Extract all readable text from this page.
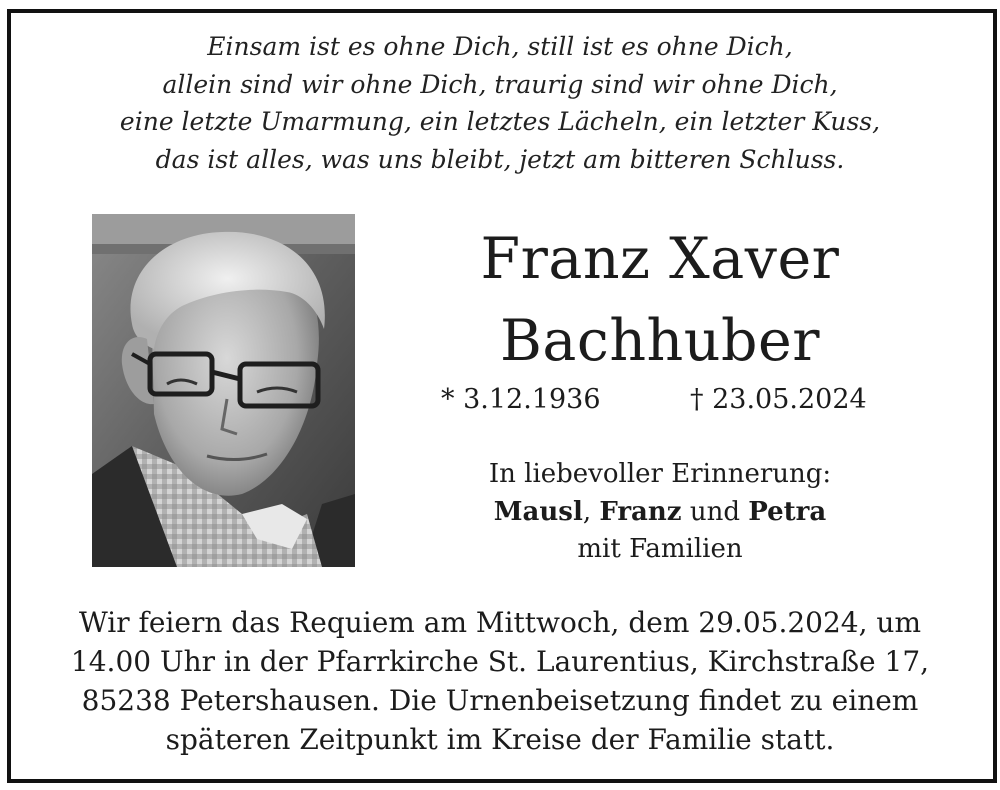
Einsam ist es ohne Dich, still ist es ohne Dich,
allein sind wir ohne Dich, traurig sind wir ohne Dich,
eine letzte Umarmung, ein letztes Lächeln, ein letzter Kuss,
das ist alles, was uns bleibt, jetzt am bitteren Schluss.
Franz Xaver
Bachhuber
* 3.12.1936	† 23.05.2024
In liebevoller Erinnerung:
Mausl, Franz und Petra
mit Familien
Wir feiern das Requiem am Mittwoch, dem 29.05.2024, um
14.00 Uhr in der Pfarrkirche St. Laurentius, Kirchstraße 17,
85238 Petershausen. Die Urnenbeisetzung findet zu einem
späteren Zeitpunkt im Kreise der Familie statt.
